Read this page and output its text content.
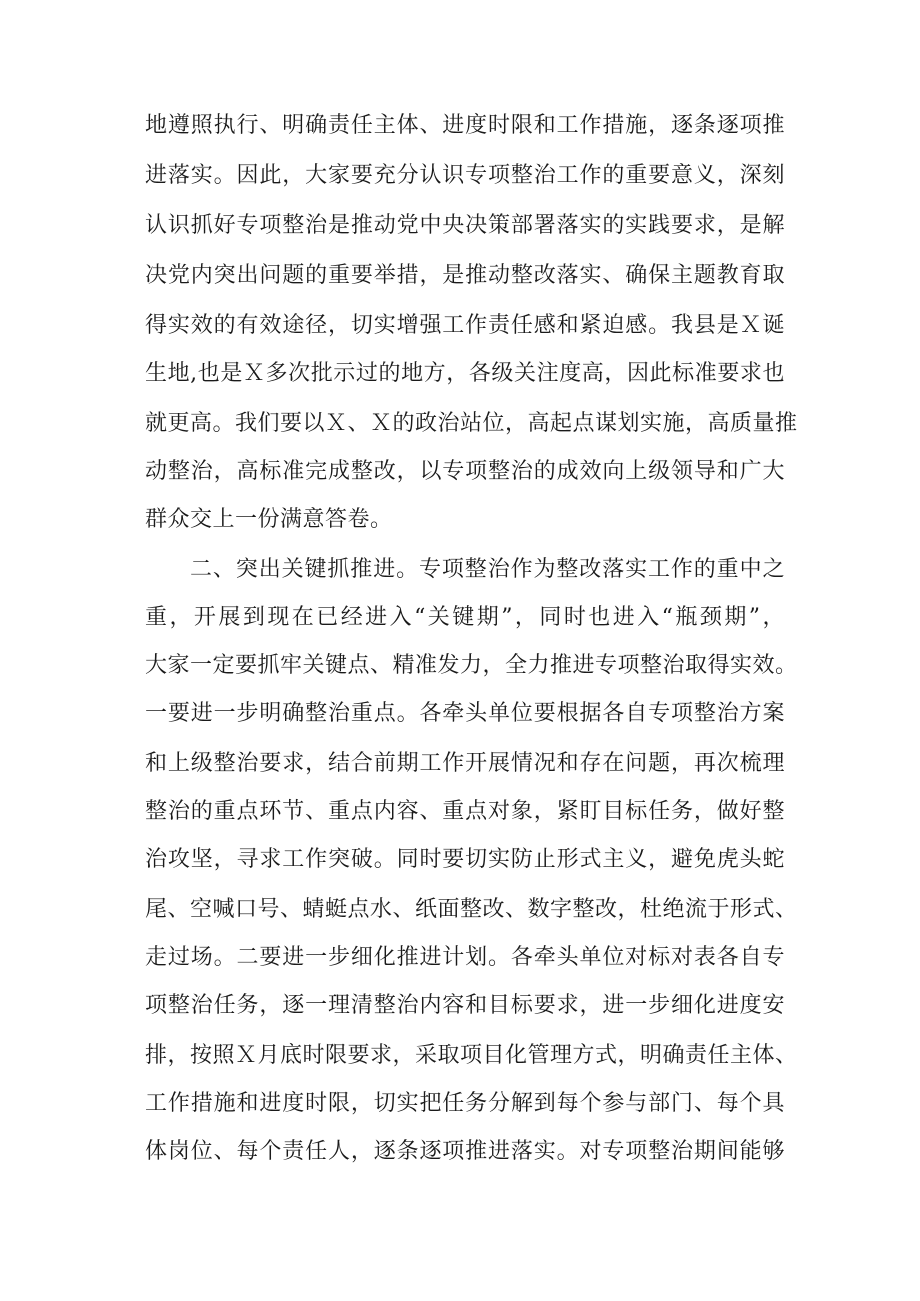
地遵照执行、明确责任主体、进度时限和工作措施，逐条逐项推

进落实。因此，大家要充分认识专项整治工作的重要意义，深刻

认识抓好专项整治是推动党中央决策部署落实的实践要求，是解

决党内突出问题的重要举措，是推动整改落实、确保主题教育取

得实效的有效途径，切实增强工作责任感和紧迫感。我县是Ｘ诞

生地,也是Ｘ多次批示过的地方，各级关注度高，因此标准要求也

就更高。我们要以Ｘ、Ｘ的政治站位，高起点谋划实施，高质量推

动整治，高标准完成整改，以专项整治的成效向上级领导和广大

群众交上一份满意答卷。

二、突出关键抓推进。专项整治作为整改落实工作的重中之

重，开展到现在已经进入“关键期”，同时也进入“瓶颈期”，

大家一定要抓牢关键点、精准发力，全力推进专项整治取得实效。

一要进一步明确整治重点。各牵头单位要根据各自专项整治方案

和上级整治要求，结合前期工作开展情况和存在问题，再次梳理

整治的重点环节、重点内容、重点对象，紧盯目标任务，做好整

治攻坚，寻求工作突破。同时要切实防止形式主义，避免虎头蛇

尾、空喊口号、蜻蜓点水、纸面整改、数字整改，杜绝流于形式、

走过场。二要进一步细化推进计划。各牵头单位对标对表各自专

项整治任务，逐一理清整治内容和目标要求，进一步细化进度安

排，按照Ｘ月底时限要求，采取项目化管理方式，明确责任主体、

工作措施和进度时限，切实把任务分解到每个参与部门、每个具

体岗位、每个责任人，逐条逐项推进落实。对专项整治期间能够
